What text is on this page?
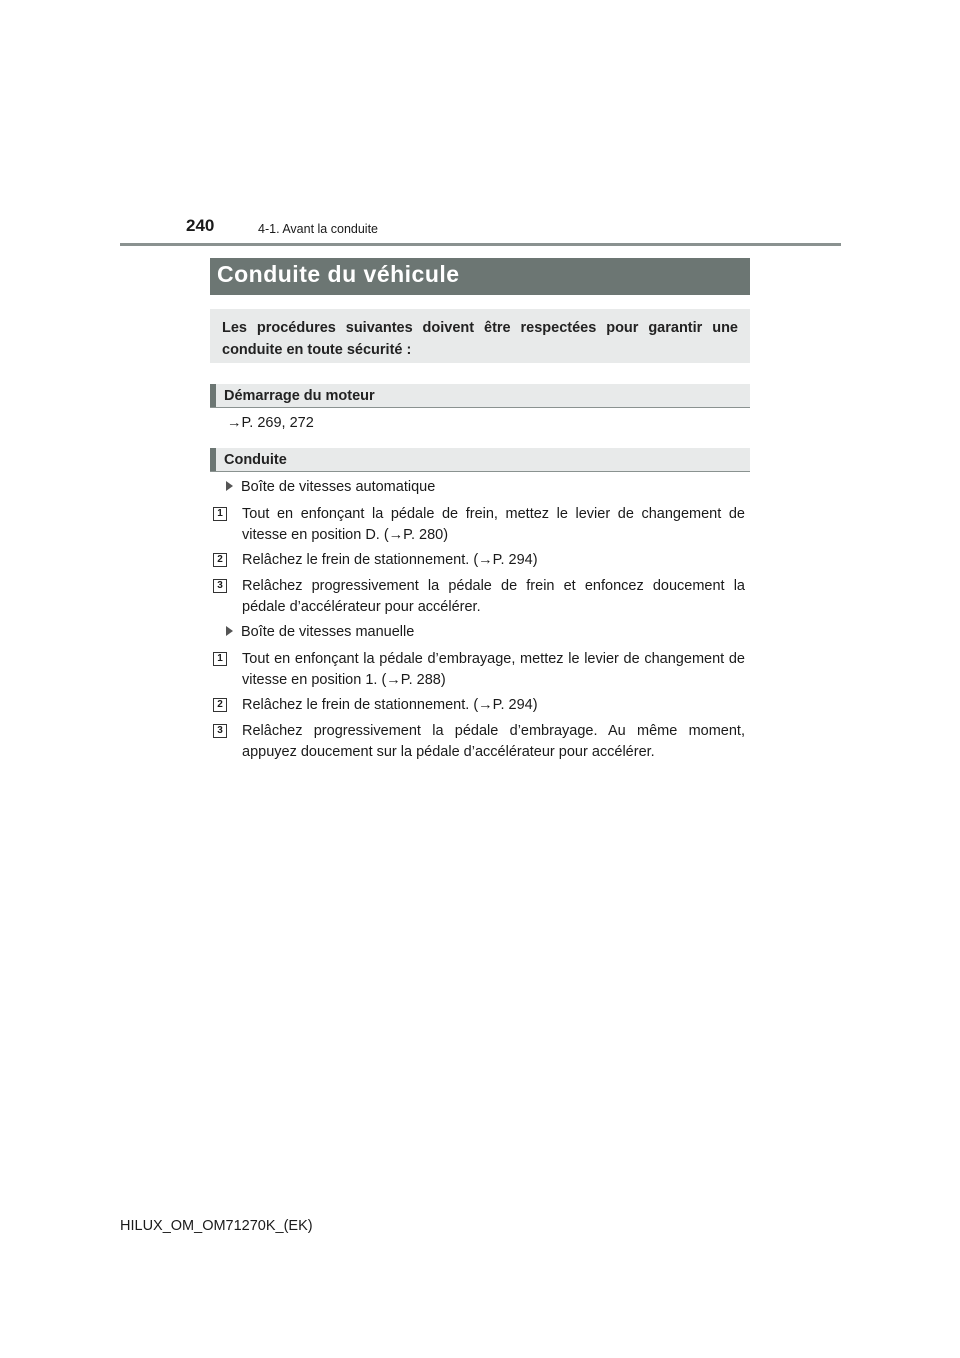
240	4-1. Avant la conduite
Conduite du véhicule
Les procédures suivantes doivent être respectées pour garantir une conduite en toute sécurité :
Démarrage du moteur
→P. 269, 272
Conduite
Boîte de vitesses automatique
1 Tout en enfonçant la pédale de frein, mettez le levier de changement de vitesse en position D. (→P. 280)
2 Relâchez le frein de stationnement. (→P. 294)
3 Relâchez progressivement la pédale de frein et enfoncez doucement la pédale d’accélérateur pour accélérer.
Boîte de vitesses manuelle
1 Tout en enfonçant la pédale d’embrayage, mettez le levier de changement de vitesse en position 1. (→P. 288)
2 Relâchez le frein de stationnement. (→P. 294)
3 Relâchez progressivement la pédale d’embrayage. Au même moment, appuyez doucement sur la pédale d’accélérateur pour accélérer.
HILUX_OM_OM71270K_(EK)
